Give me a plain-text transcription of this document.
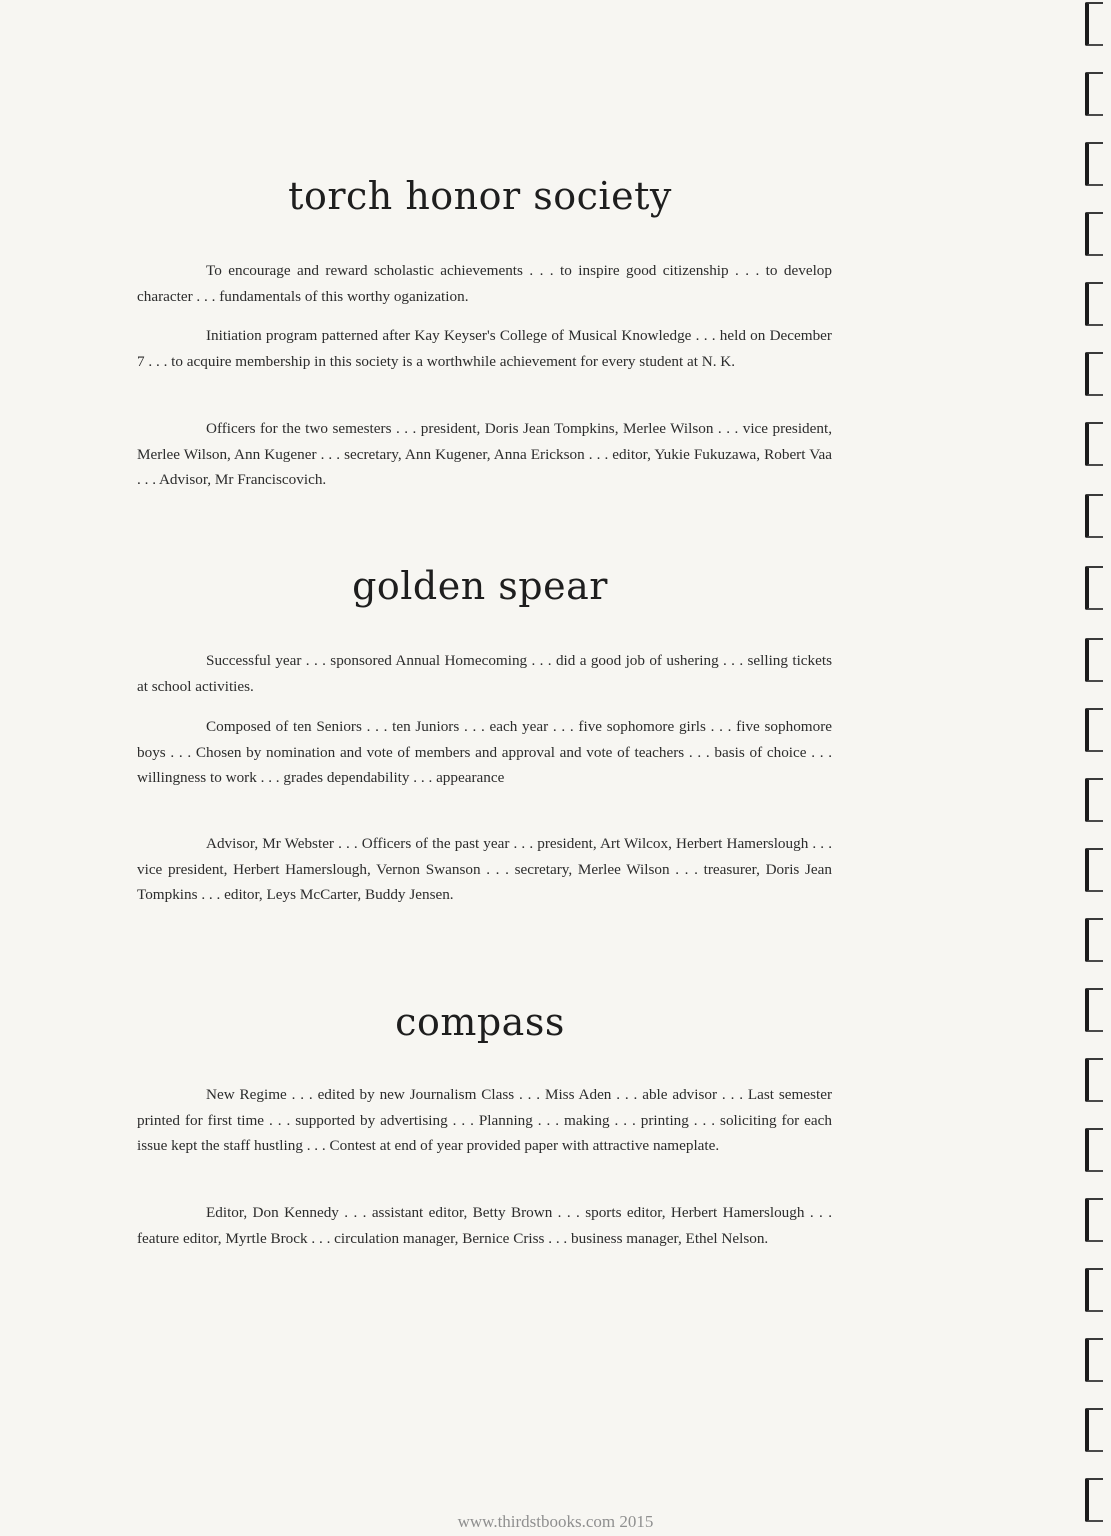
torch honor society

To encourage and reward scholastic achievements . . . to inspire good citizenship . . . to develop character . . . fundamentals of this worthy oganization.

Initiation program patterned after Kay Keyser's College of Musical Knowledge . . . held on December 7 . . . to acquire membership in this society is a worthwhile achievement for every student at N. K.

Officers for the two semesters . . . president, Doris Jean Tompkins, Merlee Wilson . . . vice president, Merlee Wilson, Ann Kugener . . . secretary, Ann Kugener, Anna Erickson . . . editor, Yukie Fukuzawa, Robert Vaa . . . Advisor, Mr Franciscovich.

golden spear

Successful year . . . sponsored Annual Homecoming . . . did a good job of ushering . . . selling tickets at school activities.

Composed of ten Seniors . . . ten Juniors . . . each year . . . five sophomore girls . . . five sophomore boys . . . Chosen by nomination and vote of members and approval and vote of teachers . . . basis of choice . . . willingness to work . . . grades dependability . . . appearance

Advisor, Mr Webster . . . Officers of the past year . . . president, Art Wilcox, Herbert Hamerslough . . . vice president, Herbert Hamerslough, Vernon Swanson . . . secretary, Merlee Wilson . . . treasurer, Doris Jean Tompkins . . . editor, Leys McCarter, Buddy Jensen.

compass

New Regime . . . edited by new Journalism Class . . . Miss Aden . . . able advisor . . . Last semester printed for first time . . . supported by advertising . . . Planning . . . making . . . printing . . . soliciting for each issue kept the staff hustling . . . Contest at end of year provided paper with attractive nameplate.

Editor, Don Kennedy . . . assistant editor, Betty Brown . . . sports editor, Herbert Hamerslough . . . feature editor, Myrtle Brock . . . circulation manager, Bernice Criss . . . business manager, Ethel Nelson.

www.thirdstbooks.com 2015
